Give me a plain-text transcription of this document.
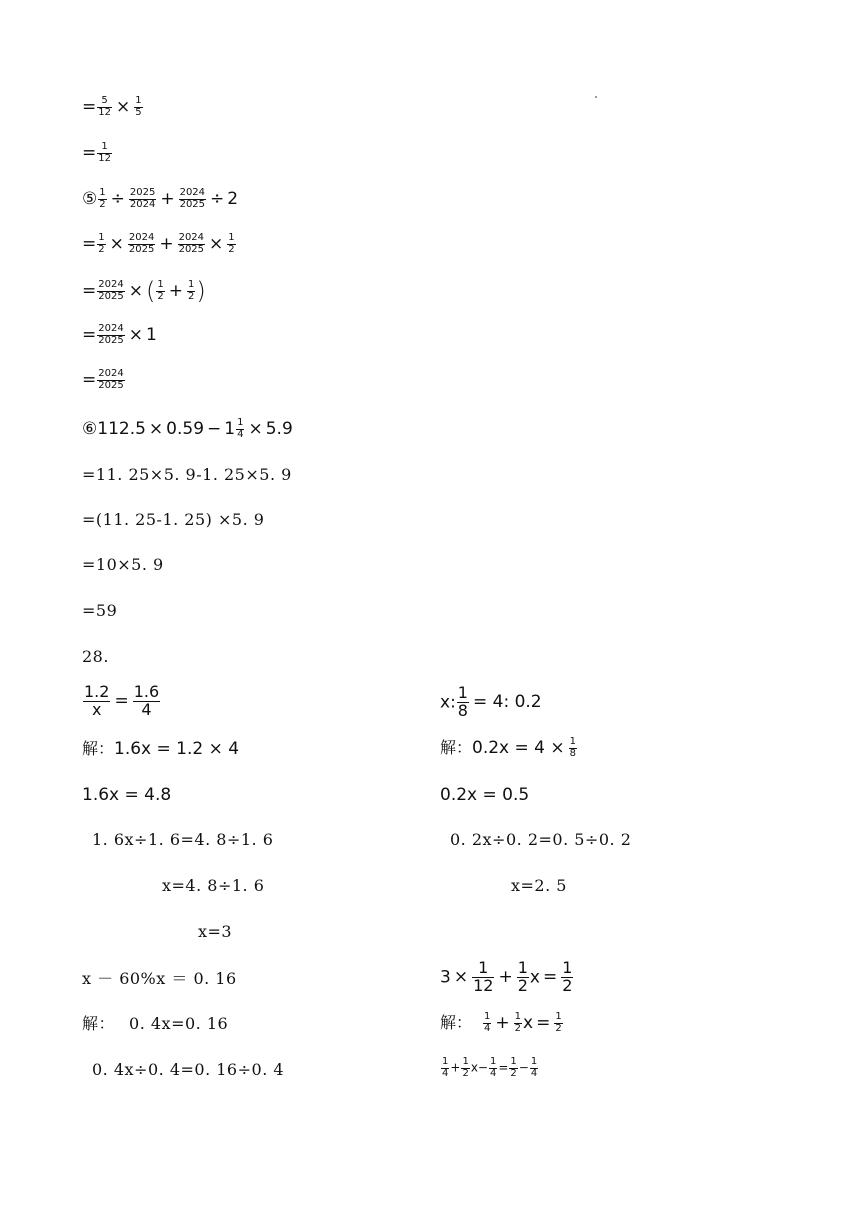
= $\frac{5}{12} \times \frac{1}{5}$
= $\frac{1}{12}$
⑤ $\frac{1}{2} \div \frac{2025}{2024} + \frac{2024}{2025} \div 2$
= $\frac{1}{2} \times \frac{2024}{2025} + \frac{2024}{2025} \times \frac{1}{2}$
= $\frac{2024}{2025}$ × ( $\frac{1}{2} + \frac{1}{2}$ )
= $\frac{2024}{2025} \times 1$
= $\frac{2024}{2025}$
⑥112.5 × $0.59 - 1 \frac{1}{4} \times 5.9$
=11. 25×5. 9-1. 25×5. 9
=(11. 25-1. 25) ×5. 9
=10×5. 9
=59
28.
$\frac{1.2}{x} = \frac{1.6}{4}$
解：1.6x = 1.2 × 4
1.6x = 4.8
1. 6x÷1. 6=4. 8÷1. 6
x=4. 8÷1. 6
x=3
x: $\frac{1}{8} = 4$: 0.2
解：$0.2x = 4 \times \frac{1}{8}$
0.2x = 0.5
0. 2x÷0. 2=0. 5÷0. 2
x=2. 5
x － 60%x ＝ 0. 16
解： 0. 4x=0. 16
0. 4x÷0. 4=0. 16÷0. 4
$3 \times \frac{1}{12} + \frac{1}{2}$ $x = \frac{1}{2}$
解： $\frac{1}{4} + \frac{1}{2}$ $x = \frac{1}{2}$
$\frac{1}{4} + \frac{1}{2} x- \frac{1}{4} = \frac{1}{2} - \frac{1}{4}$
